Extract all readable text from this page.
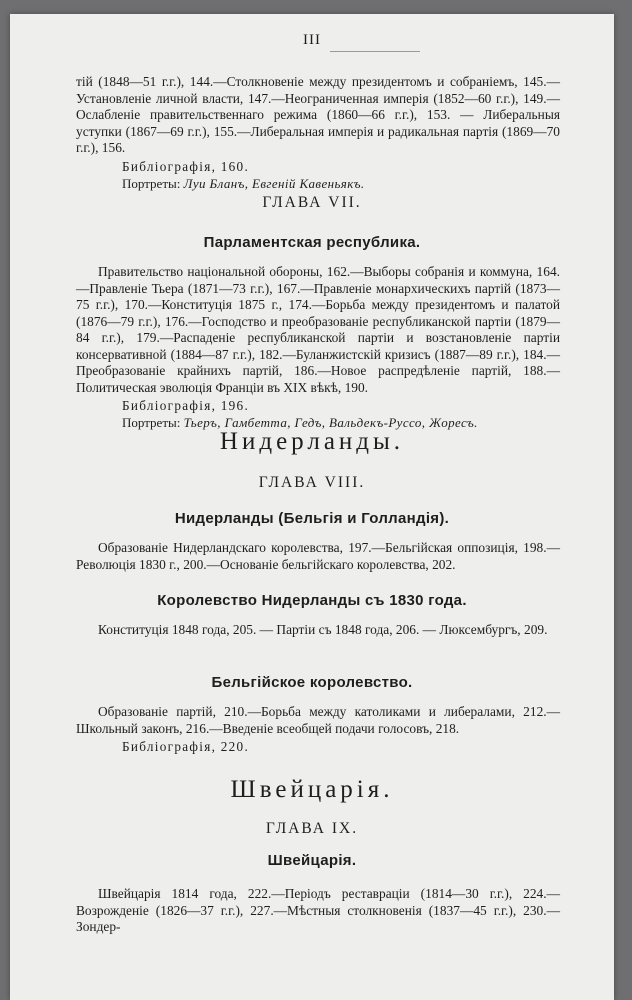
III

тій (1848—51 г.г.), 144.—Столкновеніе между президентомъ и собраніемъ, 145.—Установленіе личной власти, 147.—Неограниченная имперія (1852—60 г.г.), 149.—Ослабленіе правительственнаго режима (1860—66 г.г.), 153. — Либеральныя уступки (1867—69 г.г.), 155.—Либеральная имперія и радикальная партія (1869—70 г.г.), 156.

Библіографія, 160.
Портреты: Луи Бланъ, Евгеній Кавеньякъ.
ГЛАВА VII.
Парламентская республика.

Правительство національной обороны, 162.—Выборы собранія и коммуна, 164.—Правленіе Тьера (1871—73 г.г.), 167.—Правленіе монархическихъ партій (1873—75 г.г.), 170.—Конституція 1875 г., 174.—Борьба между президентомъ и палатой (1876—79 г.г.), 176.—Господство и преобразованіе республиканской партіи (1879—84 г.г.), 179.—Распаденіе республиканской партіи и возстановленіе партіи консервативной (1884—87 г.г.), 182.—Буланжистскій кризисъ (1887—89 г.г.), 184.—Преобразованіе крайнихъ партій, 186.—Новое распредѣленіе партій, 188.—Политическая эволюція Франціи въ XIX вѣкѣ, 190.

Библіографія, 196.
Портреты: Тьеръ, Гамбетта, Гедъ, Вальдекъ-Руссо, Жоресъ.
Нидерланды.
ГЛАВА VIII.
Нидерланды (Бельгія и Голландія).

Образованіе Нидерландскаго королевства, 197.—Бельгійская оппозиція, 198.—Революція 1830 г., 200.—Основаніе бельгійскаго королевства, 202.

Королевство Нидерланды съ 1830 года.

Конституція 1848 года, 205. — Партіи съ 1848 года, 206. — Люксембургъ, 209.

Бельгійское королевство.

Образованіе партій, 210.—Борьба между католиками и либералами, 212.—Школьный законъ, 216.—Введеніе всеобщей подачи голосовъ, 218.

Библіографія, 220.
Швейцарія.
ГЛАВА IX.
Швейцарія.

Швейцарія 1814 года, 222.—Періодъ реставраціи (1814—30 г.г.), 224.—Возрожденіе (1826—37 г.г.), 227.—Мѣстныя столкновенія (1837—45 г.г.), 230.—Зондер-
